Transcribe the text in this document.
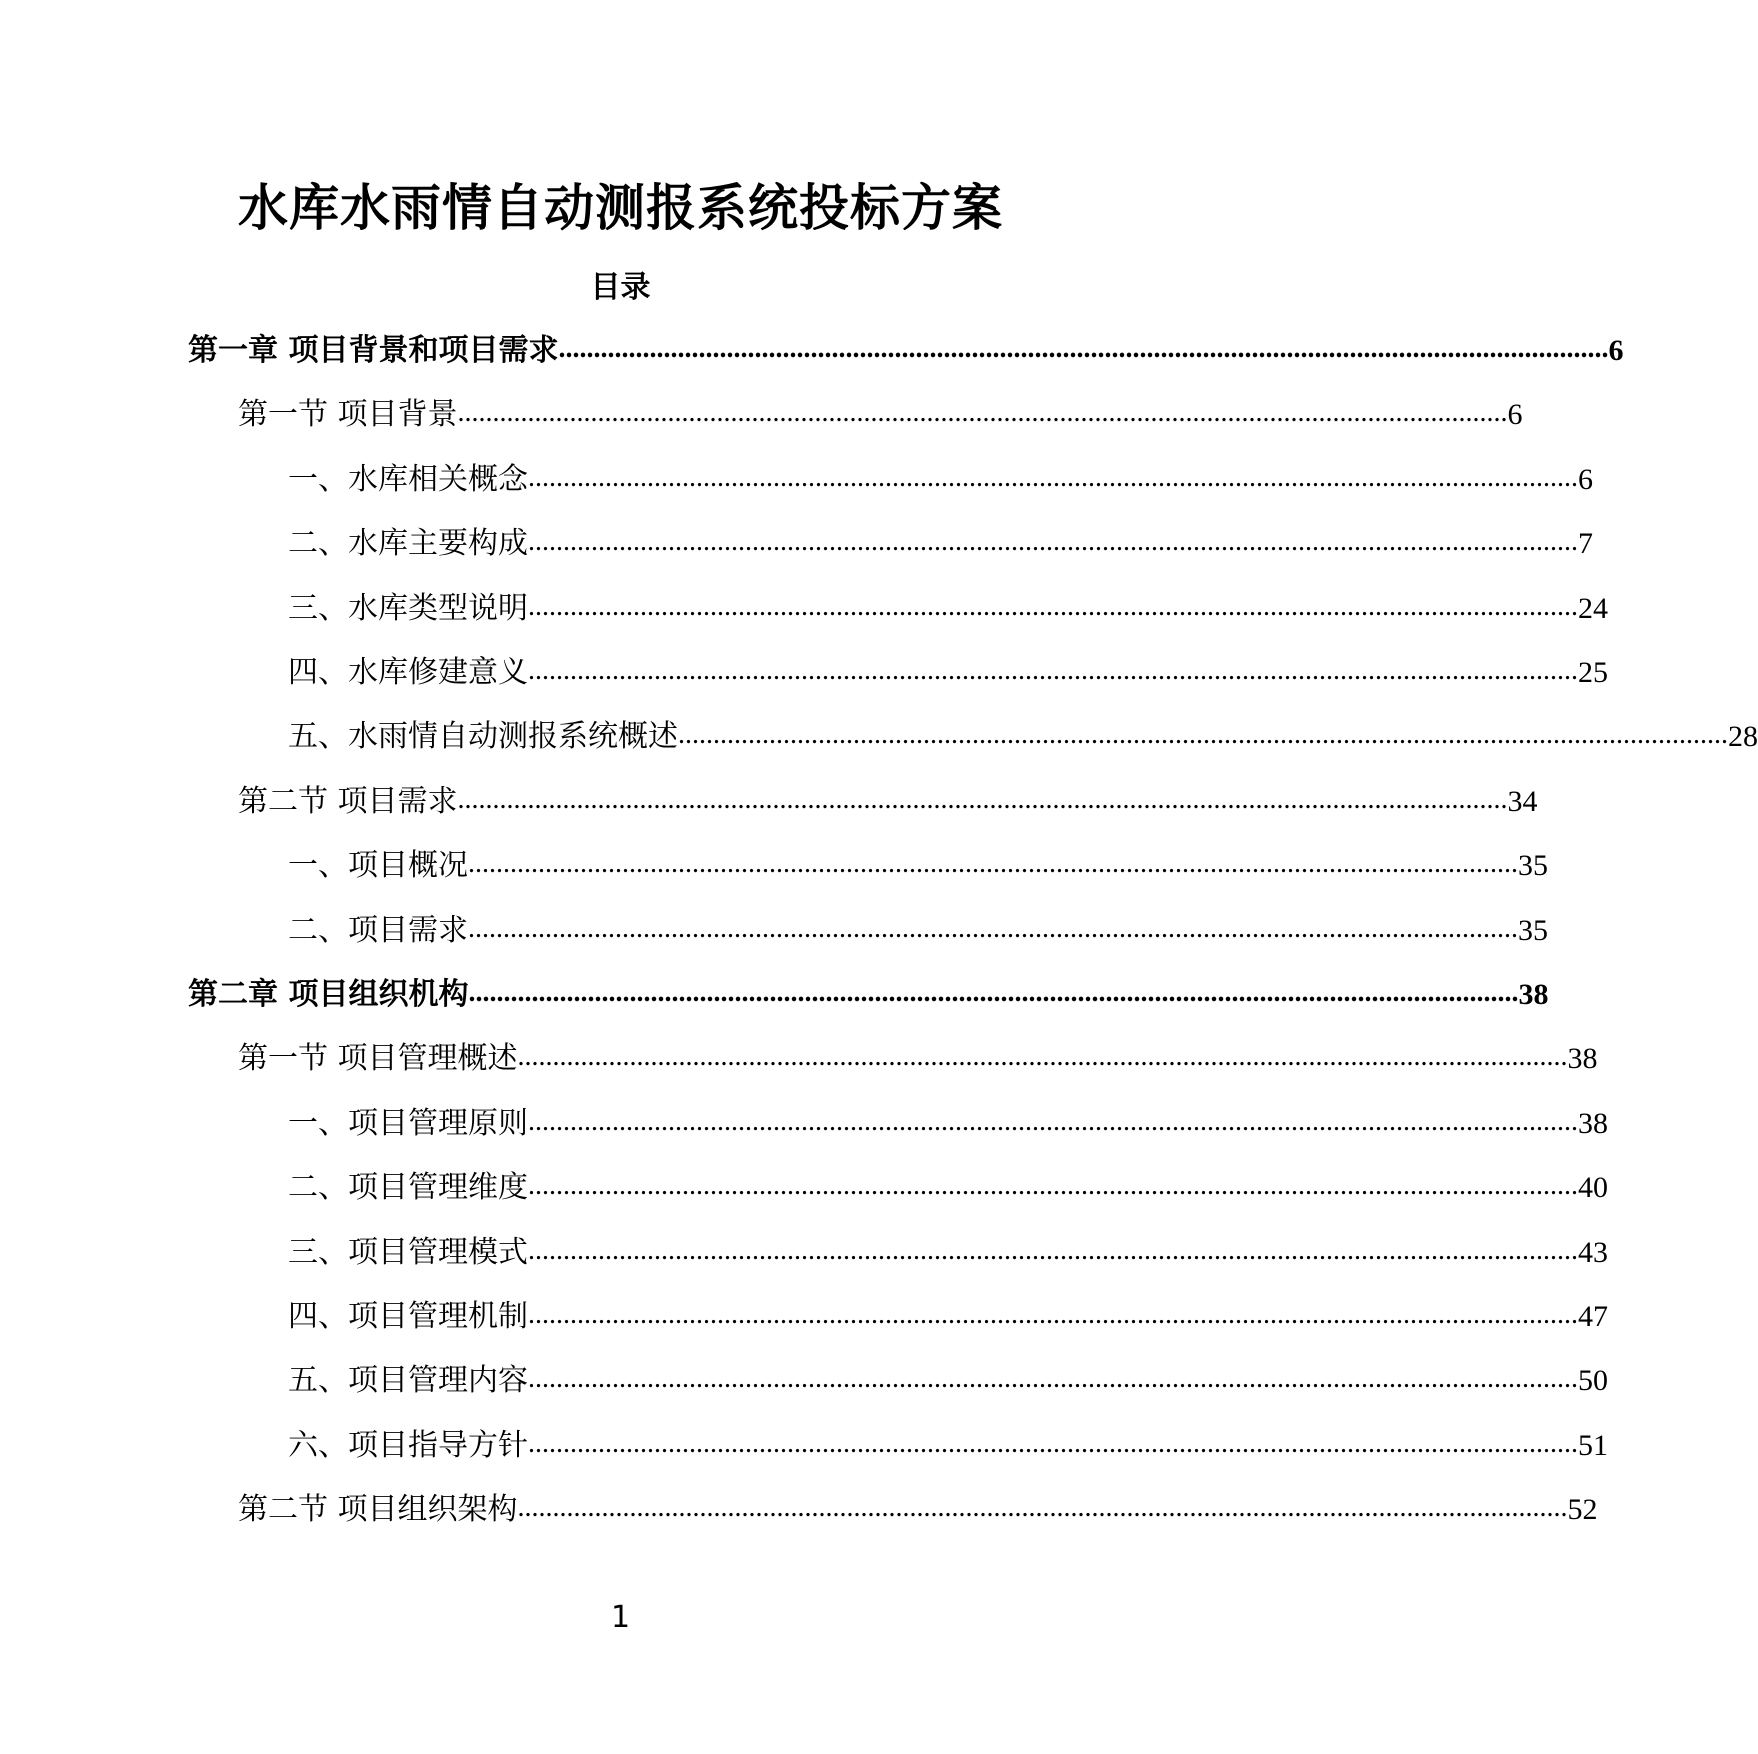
水库水雨情自动测报系统投标方案
目录
第一章 项目背景和项目需求 ...................................................................................................................................................... 6
第一节 项目背景 ...................................................................................................................................................... 6
一、水库相关概念 ...................................................................................................................................................... 6
二、水库主要构成 ...................................................................................................................................................... 7
三、水库类型说明 ...................................................................................................................................................... 24
四、水库修建意义 ...................................................................................................................................................... 25
五、水雨情自动测报系统概述 ...................................................................................................................................................... 28
第二节 项目需求 ...................................................................................................................................................... 34
一、项目概况 ...................................................................................................................................................... 35
二、项目需求 ...................................................................................................................................................... 35
第二章 项目组织机构 ...................................................................................................................................................... 38
第一节 项目管理概述 ...................................................................................................................................................... 38
一、项目管理原则 ...................................................................................................................................................... 38
二、项目管理维度 ...................................................................................................................................................... 40
三、项目管理模式 ...................................................................................................................................................... 43
四、项目管理机制 ...................................................................................................................................................... 47
五、项目管理内容 ...................................................................................................................................................... 50
六、项目指导方针 ...................................................................................................................................................... 51
第二节 项目组织架构 ...................................................................................................................................................... 52
1
